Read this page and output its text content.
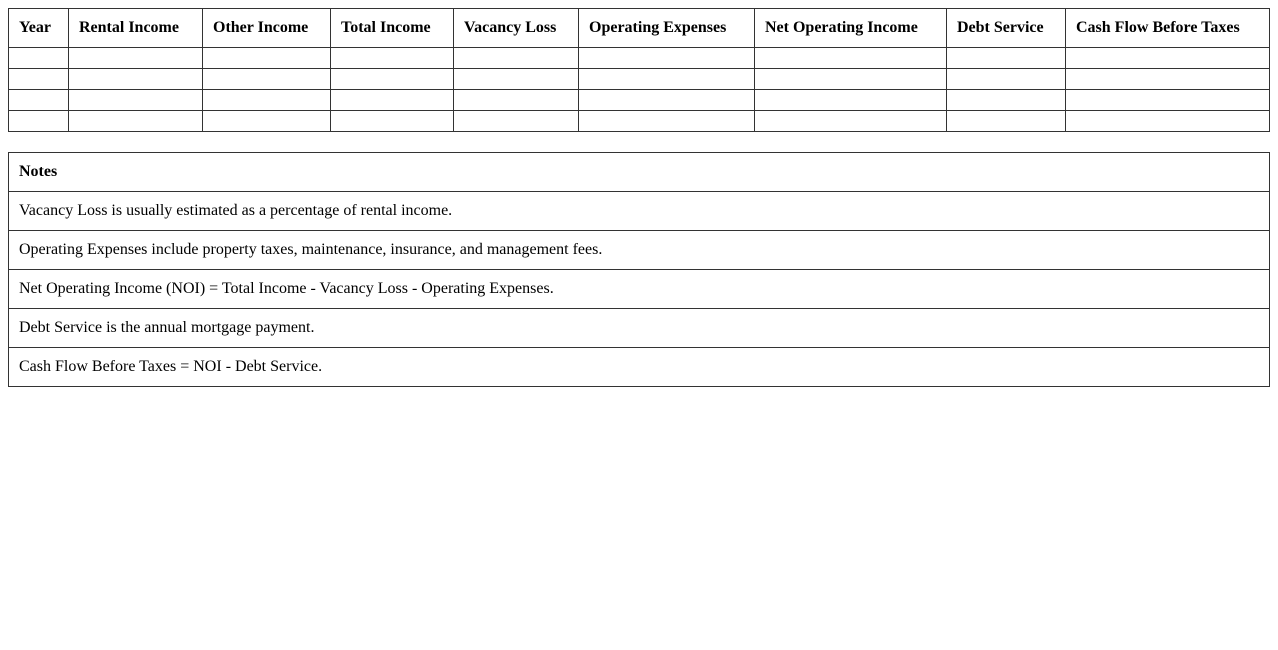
Year	Rental Income	Other Income	Total Income	Vacancy Loss	Operating Expenses	Net Operating Income	Debt Service	Cash Flow Before Taxes

Notes
Vacancy Loss is usually estimated as a percentage of rental income.
Operating Expenses include property taxes, maintenance, insurance, and management fees.
Net Operating Income (NOI) = Total Income - Vacancy Loss - Operating Expenses.
Debt Service is the annual mortgage payment.
Cash Flow Before Taxes = NOI - Debt Service.
